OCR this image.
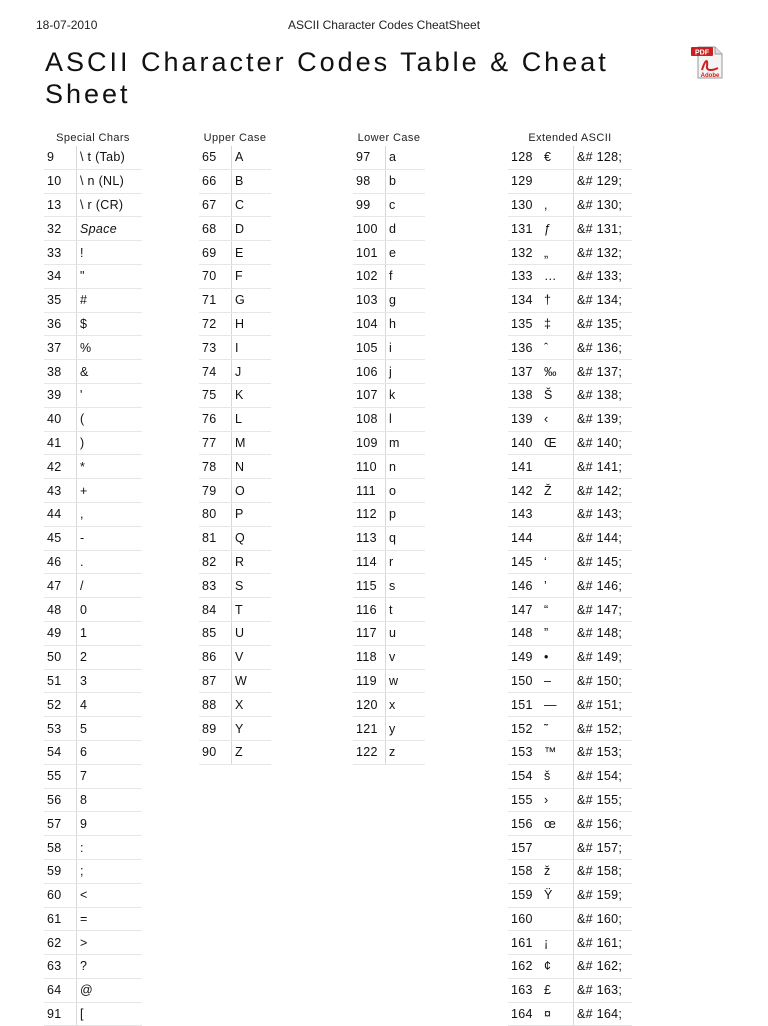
18-07-2010	ASCII Character Codes CheatSheet
ASCII Character Codes Table & Cheat Sheet
PDF
Adobe
Special Chars
9	\ t (Tab)
10	\ n (NL)
13	\ r (CR)
32	Space
33	!
34	"
35	#
36	$
37	%
38	&
39	'
40	(
41	)
42	*
43	+
44	,
45	-
46	.
47	/
48	0
49	1
50	2
51	3
52	4
53	5
54	6
55	7
56	8
57	9
58	:
59	;
60	<
61	=
62	>
63	?
64	@
91	[
Upper Case
65	A
66	B
67	C
68	D
69	E
70	F
71	G
72	H
73	I
74	J
75	K
76	L
77	M
78	N
79	O
80	P
81	Q
82	R
83	S
84	T
85	U
86	V
87	W
88	X
89	Y
90	Z
Lower Case
97	a
98	b
99	c
100	d
101	e
102	f
103	g
104	h
105	i
106	j
107	k
108	l
109	m
110	n
111	o
112	p
113	q
114	r
115	s
116	t
117	u
118	v
119	w
120	x
121	y
122	z
Extended ASCII
128	€	&# 128;
129		&# 129;
130	,	&# 130;
131	ƒ	&# 131;
132	„	&# 132;
133	…	&# 133;
134	†	&# 134;
135	‡	&# 135;
136	ˆ	&# 136;
137	‰	&# 137;
138	Š	&# 138;
139	‹	&# 139;
140	Œ	&# 140;
141		&# 141;
142	Ž	&# 142;
143		&# 143;
144		&# 144;
145	‘	&# 145;
146	’	&# 146;
147	“	&# 147;
148	”	&# 148;
149	•	&# 149;
150	–	&# 150;
151	—	&# 151;
152	˜	&# 152;
153	™	&# 153;
154	š	&# 154;
155	›	&# 155;
156	œ	&# 156;
157		&# 157;
158	ž	&# 158;
159	Ÿ	&# 159;
160		&# 160;
161	¡	&# 161;
162	¢	&# 162;
163	£	&# 163;
164	¤	&# 164;
